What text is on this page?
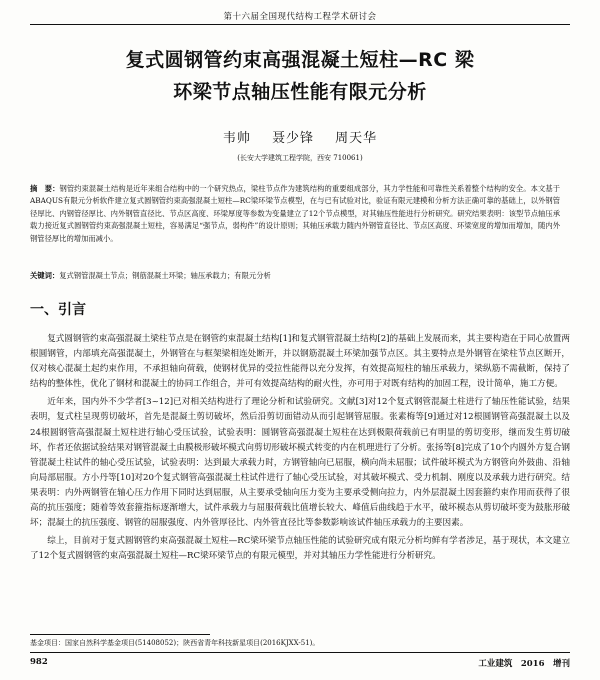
第十六届全国现代结构工程学术研讨会
复式圆钢管约束高强混凝土短柱—RC 梁
环梁节点轴压性能有限元分析
韦帅 聂少锋 周天华
(长安大学建筑工程学院，西安 710061)
摘　要：钢管约束混凝土结构是近年来组合结构中的一个研究热点，梁柱节点作为建筑结构的重要组成部分，其力学性能和可靠性关系着整个结构的安全。本文基于ABAQUS有限元分析软件建立复式圆钢管约束高强混凝土短柱—RC梁环梁节点模型，在与已有试验对比，验证有限元建模和分析方法正确可靠的基础上，以外钢管径厚比、内钢管径厚比、内外钢管直径比、节点区高度、环梁厚度等参数为变量建立了12个节点模型，对其轴压性能进行分析研究。研究结果表明：该型节点轴压承载力接近复式圆钢管约束高强混凝土短柱，容易满足“强节点，弱构件”的设计原则；其轴压承载力随内外钢管直径比、节点区高度、环梁宽度的增加而增加，随内外钢管径厚比的增加而减小。
关键词：复式钢管混凝土节点；钢筋混凝土环梁；轴压承载力；有限元分析
一、引言

复式圆钢管约束高强混凝土梁柱节点是在钢管约束混凝土结构[1]和复式钢管混凝土结构[2]的基础上发展而来，其主要构造在于同心放置两根圆钢管，内部填充高强混凝土，外钢管在与框架梁相连处断开，并以钢筋混凝土环梁加强节点区。其主要特点是外钢管在梁柱节点区断开，仅对核心混凝土起约束作用，不承担轴向荷载，使钢材优异的受拉性能得以充分发挥，有效提高短柱的轴压承载力，梁纵筋不需截断，保持了结构的整体性，优化了钢材和混凝土的协同工作组合，并可有效提高结构的耐火性，亦可用于对既有结构的加固工程，设计简单，施工方便。

近年来，国内外不少学者[3~12]已对相关结构进行了理论分析和试验研究。文献[3]对12个复式钢管混凝土柱进行了轴压性能试验，结果表明，复式柱呈现剪切破坏，首先是混凝土剪切破坏，然后沿剪切面错动从而引起钢管屈服。张素梅等[9]通过对12根圆钢管高强混凝土以及24根圆钢管高强混凝土短柱进行轴心受压试验，试验表明：圆钢管高强混凝土短柱在达到极限荷载前已有明显的剪切变形，继而发生剪切破坏，作者还依据试验结果对钢管混凝土由膜极形破坏模式向剪切形破坏模式转变的内在机理进行了分析。张扬等[8]完成了10个内圆外方复合钢管混凝土柱试件的轴心受压试验，试验表明：达到最大承载力时，方钢管轴向已屈服，横向尚未屈服；试件破坏模式为方钢管向外鼓曲、沿轴向局部屈服。方小丹等[10]对20个复式钢管高强混凝土柱试件进行了轴心受压试验，对其破坏模式、受力机制、刚度以及承载力进行研究。结果表明：内外两钢管在轴心压力作用下同时达到屈服，从主要承受轴向压力变为主要承受侧向拉力，内外层混凝土因套箍约束作用而获得了很高的抗压强度；随着等效套箍指标逐渐增大，试件承载力与屈服荷载比值增长较大、峰值后曲线趋于水平，破坏模态从剪切破坏变为鼓胀形破坏；混凝土的抗压强度、钢管的屈服强度、内外管厚径比、内外管直径比等参数影响该试件轴压承载力的主要因素。

综上，目前对于复式圆钢管约束高强混凝土短柱—RC梁环梁节点轴压性能的试验研究成有限元分析均鲜有学者涉足，基于现状，本文建立了12个复式圆钢管约束高强混凝土短柱—RC梁环梁节点的有限元模型，并对其轴压力学性能进行分析研究。

基金项目：国家自然科学基金项目(51408052)；陕西省青年科技新星项目(2016KJXX-51)。
982	工业建筑　2016　增刊
